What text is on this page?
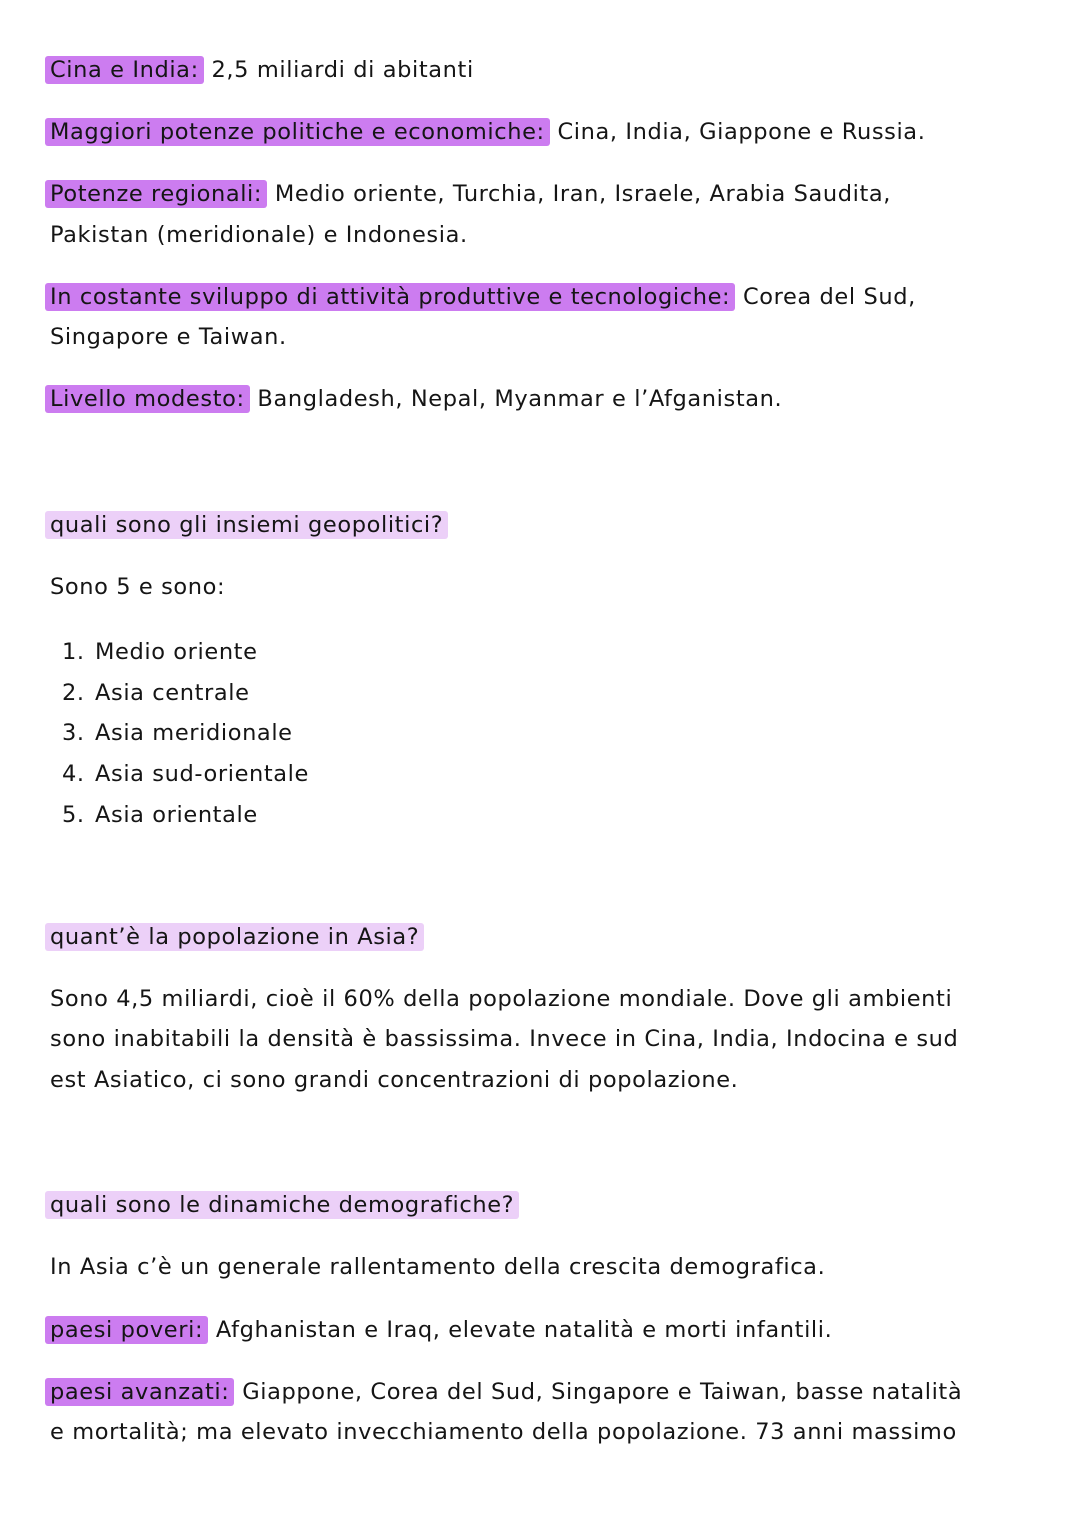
Cina e India: 2,5 miliardi di abitanti
Maggiori potenze politiche e economiche: Cina, India, Giappone e Russia.
Potenze regionali: Medio oriente, Turchia, Iran, Israele, Arabia Saudita,
Pakistan (meridionale) e Indonesia.
In costante sviluppo di attività produttive e tecnologiche: Corea del Sud,
Singapore e Taiwan.
Livello modesto: Bangladesh, Nepal, Myanmar e l’Afganistan.
quali sono gli insiemi geopolitici?
Sono 5 e sono:
1. Medio oriente
2. Asia centrale
3. Asia meridionale
4. Asia sud-orientale
5. Asia orientale
quant’è la popolazione in Asia?
Sono 4,5 miliardi, cioè il 60% della popolazione mondiale. Dove gli ambienti
sono inabitabili la densità è bassissima. Invece in Cina, India, Indocina e sud
est Asiatico, ci sono grandi concentrazioni di popolazione.
quali sono le dinamiche demografiche?
In Asia c’è un generale rallentamento della crescita demografica.
paesi poveri: Afghanistan e Iraq, elevate natalità e morti infantili.
paesi avanzati: Giappone, Corea del Sud, Singapore e Taiwan, basse natalità
e mortalità; ma elevato invecchiamento della popolazione. 73 anni massimo
